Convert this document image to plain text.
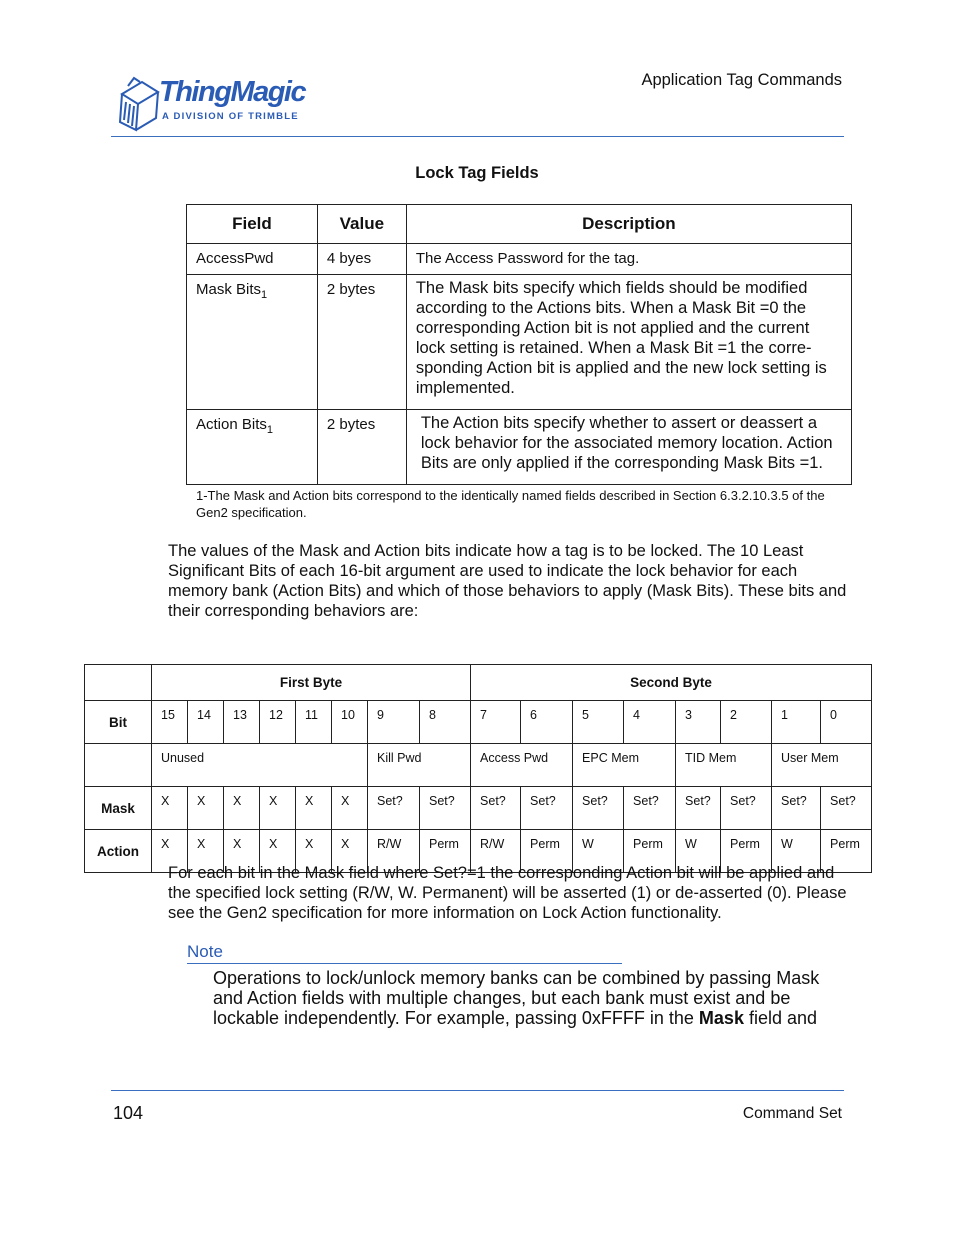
ThingMagic
A DIVISION OF TRIMBLE
Application Tag Commands
Lock Tag Fields
Field	Value	Description
AccessPwd	4 byes	The Access Password for the tag.
Mask Bits$_1$	2 bytes	The Mask bits specify which fields should be modified according to the Actions bits. When a Mask Bit =0 the corresponding Action bit is not applied and the current lock setting is retained. When a Mask Bit =1 the corre-sponding Action bit is applied and the new lock setting is implemented.
Action Bits$_1$	2 bytes	The Action bits specify whether to assert or deassert a lock behavior for the associated memory location. Action Bits are only applied if the corresponding Mask Bits =1.
1-The Mask and Action bits correspond to the identically named fields described in Section 6.3.2.10.3.5 of the Gen2 specification.
The values of the Mask and Action bits indicate how a tag is to be locked. The 10 Least Significant Bits of each 16-bit argument are used to indicate the lock behavior for each memory bank (Action Bits) and which of those behaviors to apply (Mask Bits). These bits and their corresponding behaviors are:
	First Byte								Second Byte							
Bit	15	14	13	12	11	10	9	8	7	6	5	4	3	2	1	0
	Unused						Kill Pwd		Access Pwd		EPC Mem		TID Mem		User Mem	
Mask	X	X	X	X	X	X	Set?	Set?	Set?	Set?	Set?	Set?	Set?	Set?	Set?	Set?
Action	X	X	X	X	X	X	R/W	Perm	R/W	Perm	W	Perm	W	Perm	W	Perm
For each bit in the Mask field where Set?=1 the corresponding Action bit will be applied and the specified lock setting (R/W, W. Permanent) will be asserted (1) or de-asserted (0). Please see the Gen2 specification for more information on Lock Action functionality.
Note
Operations to lock/unlock memory banks can be combined by passing Mask and Action fields with multiple changes, but each bank must exist and be lockable independently. For example, passing 0xFFFF in the Mask field and
104	Command Set
